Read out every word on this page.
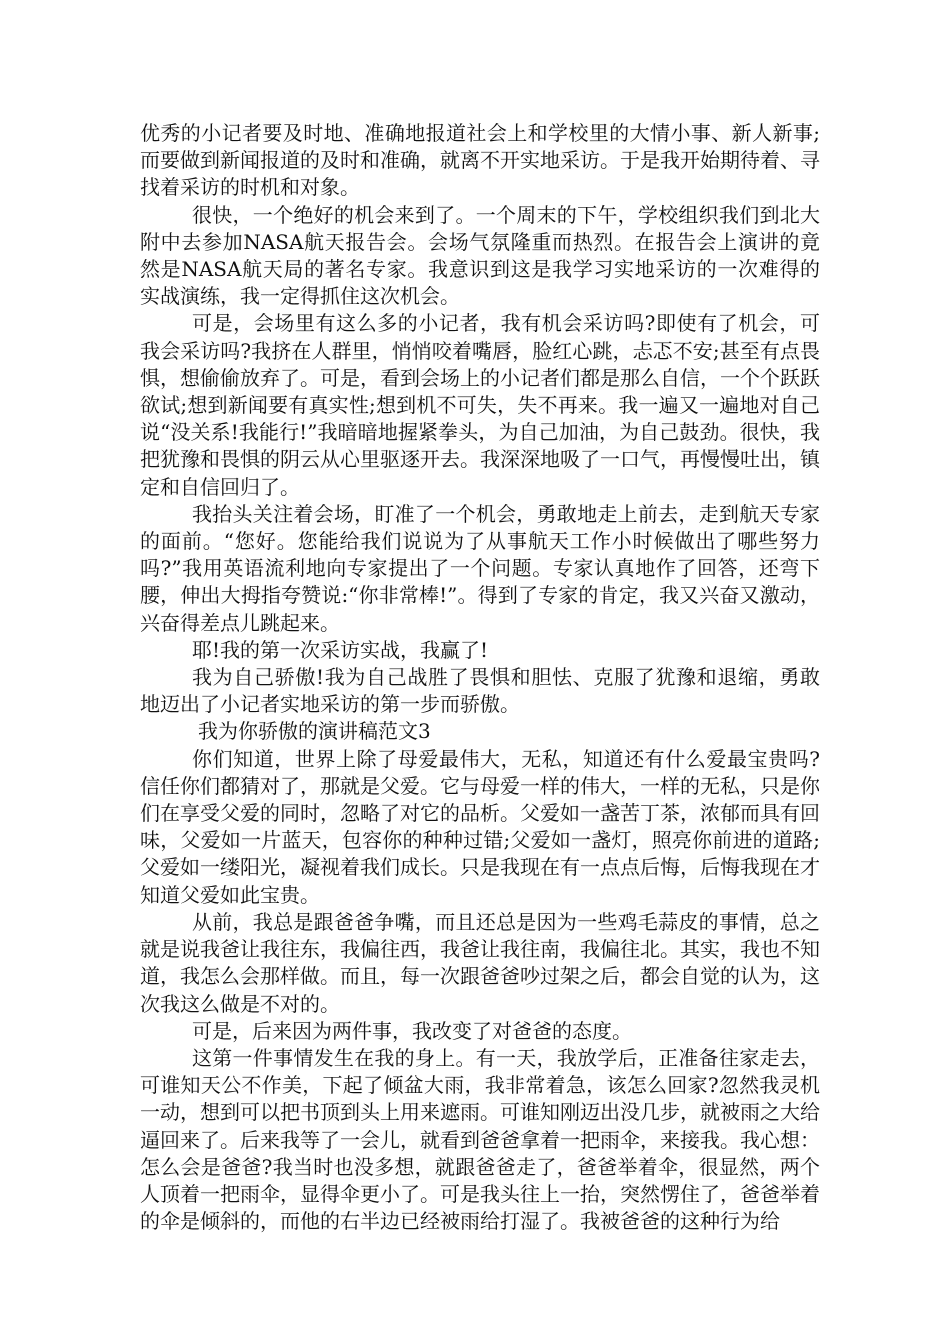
优秀的小记者要及时地、准确地报道社会上和学校里的大情小事、新人新事;而要做到新闻报道的及时和准确，就离不开实地采访。于是我开始期待着、寻找着采访的时机和对象。

很快，一个绝好的机会来到了。一个周末的下午，学校组织我们到北大附中去参加NASA航天报告会。会场气氛隆重而热烈。在报告会上演讲的竟然是NASA航天局的著名专家。我意识到这是我学习实地采访的一次难得的实战演练，我一定得抓住这次机会。

可是，会场里有这么多的小记者，我有机会采访吗?即使有了机会，可我会采访吗?我挤在人群里，悄悄咬着嘴唇，脸红心跳，忐忑不安;甚至有点畏惧，想偷偷放弃了。可是，看到会场上的小记者们都是那么自信，一个个跃跃欲试;想到新闻要有真实性;想到机不可失，失不再来。我一遍又一遍地对自己说“没关系!我能行!”我暗暗地握紧拳头，为自己加油，为自己鼓劲。很快，我把犹豫和畏惧的阴云从心里驱逐开去。我深深地吸了一口气，再慢慢吐出，镇定和自信回归了。

我抬头关注着会场，盯准了一个机会，勇敢地走上前去，走到航天专家的面前。“您好。您能给我们说说为了从事航天工作小时候做出了哪些努力吗?”我用英语流利地向专家提出了一个问题。专家认真地作了回答，还弯下腰，伸出大拇指夸赞说:“你非常棒!”。得到了专家的肯定，我又兴奋又激动，兴奋得差点儿跳起来。

耶!我的第一次采访实战，我赢了!

我为自己骄傲!我为自己战胜了畏惧和胆怯、克服了犹豫和退缩，勇敢地迈出了小记者实地采访的第一步而骄傲。

我为你骄傲的演讲稿范文3

你们知道，世界上除了母爱最伟大，无私，知道还有什么爱最宝贵吗?信任你们都猜对了，那就是父爱。它与母爱一样的伟大，一样的无私，只是你们在享受父爱的同时，忽略了对它的品析。父爱如一盏苦丁茶，浓郁而具有回味，父爱如一片蓝天，包容你的种种过错;父爱如一盏灯，照亮你前进的道路;父爱如一缕阳光，凝视着我们成长。只是我现在有一点点后悔，后悔我现在才知道父爱如此宝贵。

从前，我总是跟爸爸争嘴，而且还总是因为一些鸡毛蒜皮的事情，总之就是说我爸让我往东，我偏往西，我爸让我往南，我偏往北。其实，我也不知道，我怎么会那样做。而且，每一次跟爸爸吵过架之后，都会自觉的认为，这次我这么做是不对的。

可是，后来因为两件事，我改变了对爸爸的态度。

这第一件事情发生在我的身上。有一天，我放学后，正准备往家走去，可谁知天公不作美，下起了倾盆大雨，我非常着急，该怎么回家?忽然我灵机一动，想到可以把书顶到头上用来遮雨。可谁知刚迈出没几步，就被雨之大给逼回来了。后来我等了一会儿，就看到爸爸拿着一把雨伞，来接我。我心想：怎么会是爸爸?我当时也没多想，就跟爸爸走了，爸爸举着伞，很显然，两个人顶着一把雨伞，显得伞更小了。可是我头往上一抬，突然愣住了，爸爸举着的伞是倾斜的，而他的右半边已经被雨给打湿了。我被爸爸的这种行为给
